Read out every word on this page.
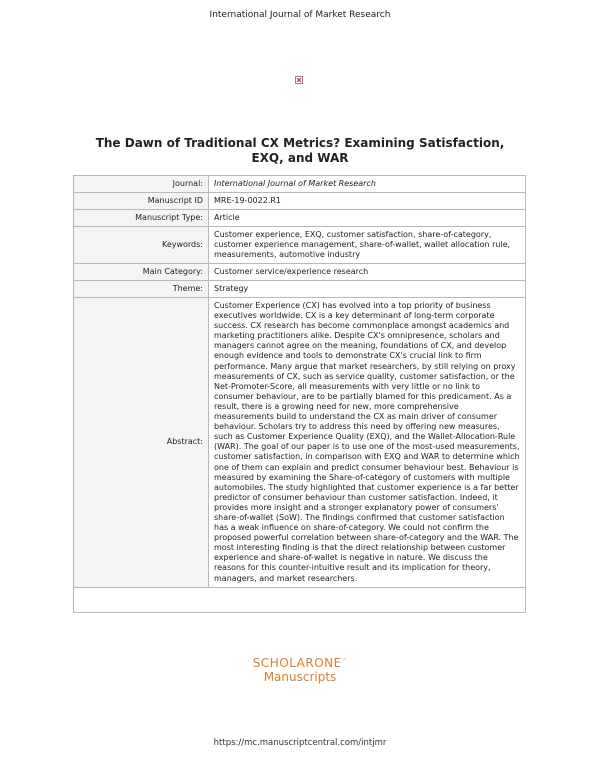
International Journal of Market Research
The Dawn of Traditional CX Metrics? Examining Satisfaction,
EXQ, and WAR
Journal:	International Journal of Market Research
Manuscript ID	MRE-19-0022.R1
Manuscript Type:	Article
Keywords:	Customer experience, EXQ, customer satisfaction, share-of-category, customer experience management, share-of-wallet, wallet allocation rule, measurements, automotive industry
Main Category:	Customer service/experience research
Theme:	Strategy
Abstract:	Customer Experience (CX) has evolved into a top priority of business executives worldwide. CX is a key determinant of long-term corporate success. CX research has become commonplace amongst academics and marketing practitioners alike. Despite CX's omnipresence, scholars and managers cannot agree on the meaning, foundations of CX, and develop enough evidence and tools to demonstrate CX's crucial link to firm performance. Many argue that market researchers, by still relying on proxy measurements of CX, such as service quality, customer satisfaction, or the Net-Promoter-Score, all measurements with very little or no link to consumer behaviour, are to be partially blamed for this predicament. As a result, there is a growing need for new, more comprehensive measurements build to understand the CX as main driver of consumer behaviour. Scholars try to address this need by offering new measures, such as Customer Experience Quality (EXQ), and the Wallet-Allocation-Rule (WAR). The goal of our paper is to use one of the most-used measurements, customer satisfaction, in comparison with EXQ and WAR to determine which one of them can explain and predict consumer behaviour best. Behaviour is measured by examining the Share-of-category of customers with multiple automobiles. The study highlighted that customer experience is a far better predictor of consumer behaviour than customer satisfaction. Indeed, it provides more insight and a stronger explanatory power of consumers' share-of-wallet (SoW). The findings confirmed that customer satisfaction has a weak influence on share-of-category. We could not confirm the proposed powerful correlation between share-of-category and the WAR. The most interesting finding is that the direct relationship between customer experience and share-of-wallet is negative in nature. We discuss the reasons for this counter-intuitive result and its implication for theory, managers, and market researchers.

SCHOLARONE™
Manuscripts
https://mc.manuscriptcentral.com/intjmr
